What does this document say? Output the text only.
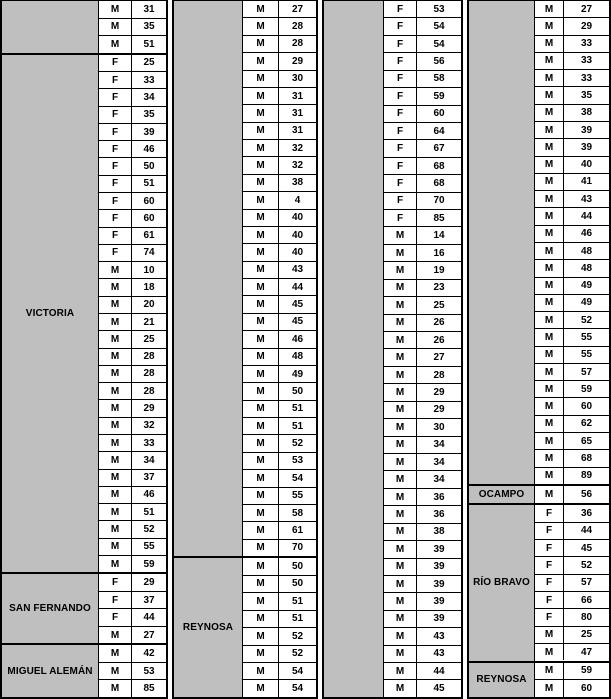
M	31
M	35
M	51
VICTORIA
F	25
F	33
F	34
F	35
F	39
F	46
F	50
F	51
F	60
F	60
F	61
F	74
M	10
M	18
M	20
M	21
M	25
M	28
M	28
M	28
M	29
M	32
M	33
M	34
M	37
M	46
M	51
M	52
M	55
M	59
SAN FERNANDO
F	29
F	37
F	44
M	27
MIGUEL ALEMÁN
M	42
M	53
M	85
M	27
M	28
M	28
M	29
M	30
M	31
M	31
M	31
M	32
M	32
M	38
M	4
M	40
M	40
M	40
M	43
M	44
M	45
M	45
M	46
M	48
M	49
M	50
M	51
M	51
M	52
M	53
M	54
M	55
M	58
M	61
M	70
REYNOSA
M	50
M	50
M	51
M	51
M	52
M	52
M	54
M	54
F	53
F	54
F	54
F	56
F	58
F	59
F	60
F	64
F	67
F	68
F	68
F	70
F	85
M	14
M	16
M	19
M	23
M	25
M	26
M	26
M	27
M	28
M	29
M	29
M	30
M	34
M	34
M	34
M	36
M	36
M	38
M	39
M	39
M	39
M	39
M	39
M	43
M	43
M	44
M	45
M	27
M	29
M	33
M	33
M	33
M	35
M	38
M	39
M	39
M	40
M	41
M	43
M	44
M	46
M	48
M	48
M	49
M	49
M	52
M	55
M	55
M	57
M	59
M	60
M	62
M	65
M	68
M	89
OCAMPO	M	56
RÍO BRAVO
F	36
F	44
F	45
F	52
F	57
F	66
F	80
M	25
M	47
REYNOSA
M	59
M	60
